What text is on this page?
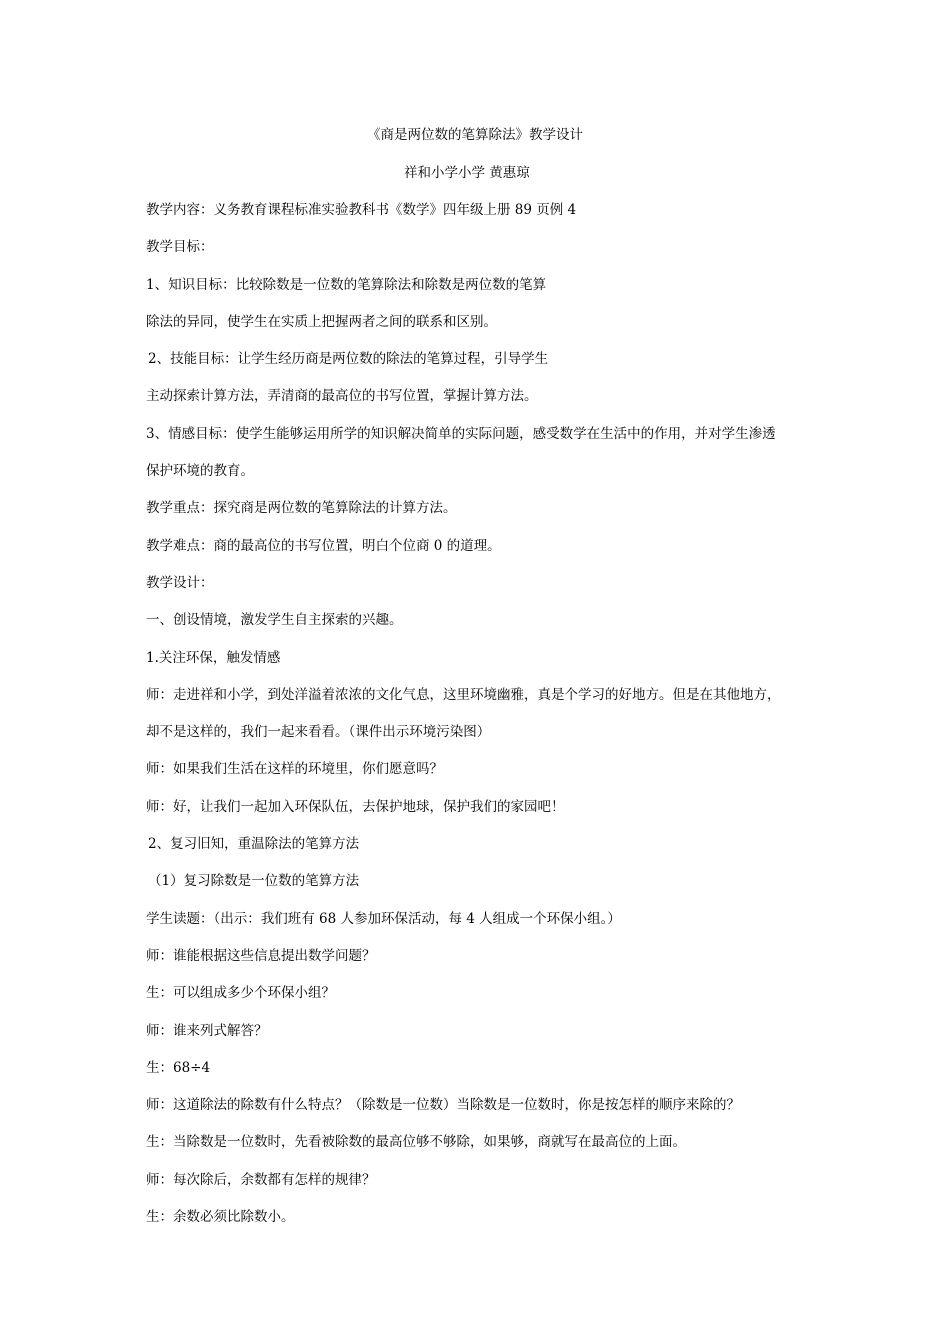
《商是两位数的笔算除法》教学设计
祥和小学小学 黄惠琼
教学内容：义务教育课程标准实验教科书《数学》四年级上册 89 页例 4
教学目标：
1、知识目标：比较除数是一位数的笔算除法和除数是两位数的笔算
除法的异同，使学生在实质上把握两者之间的联系和区别。
2、技能目标：让学生经历商是两位数的除法的笔算过程，引导学生
主动探索计算方法，弄清商的最高位的书写位置，掌握计算方法。
3、情感目标：使学生能够运用所学的知识解决简单的实际问题，感受数学在生活中的作用，并对学生渗透
保护环境的教育。
教学重点：探究商是两位数的笔算除法的计算方法。
教学难点：商的最高位的书写位置，明白个位商 0 的道理。
教学设计：
一、创设情境，激发学生自主探索的兴趣。
1.关注环保，触发情感
师：走进祥和小学，到处洋溢着浓浓的文化气息，这里环境幽雅，真是个学习的好地方。但是在其他地方，
却不是这样的，我们一起来看看。（课件出示环境污染图）
师：如果我们生活在这样的环境里，你们愿意吗？
师：好，让我们一起加入环保队伍，去保护地球，保护我们的家园吧！
2、复习旧知，重温除法的笔算方法
（1）复习除数是一位数的笔算方法
学生读题：（出示：我们班有 68 人参加环保活动，每 4 人组成一个环保小组。）
师：谁能根据这些信息提出数学问题？
生：可以组成多少个环保小组？
师：谁来列式解答？
生：68÷4
师：这道除法的除数有什么特点？（除数是一位数）当除数是一位数时，你是按怎样的顺序来除的？
生：当除数是一位数时，先看被除数的最高位够不够除，如果够，商就写在最高位的上面。
师：每次除后，余数都有怎样的规律？
生：余数必须比除数小。
